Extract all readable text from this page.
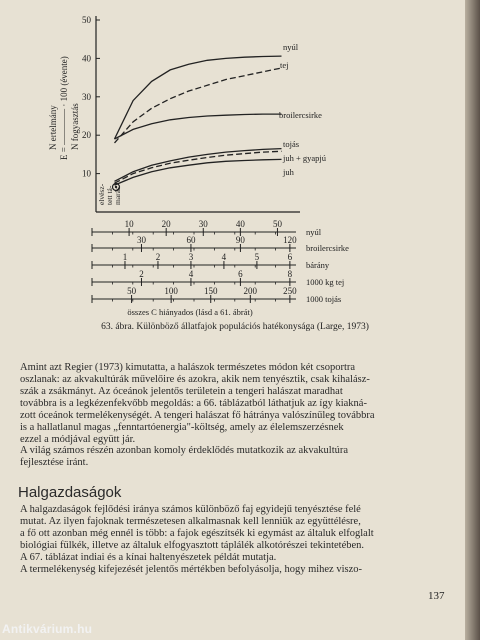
10
20
30
40
50
nyúl
tej
broilercsirke
tojás
juh + gyapjú
juh
10	20	30	40	50
nyúl
30	60	90	120
broilercsirke
1	2	3	4	5	6
bárány
2	4	6	8
1000 kg tej
50	100	150	200	250
1000 tojás
N ertelmányE = ———— · 100 (évente)N fogyasztás
elvész-tett tá-marás
összes C hiányados (lásd a 61. ábrát)
63. ábra. Különböző állatfajok populációs hatékonysága (Large, 1973)
Amint azt Regier (1973) kimutatta, a halászok természetes módon két csoportra
oszlanak: az akvakultúrák művelőire és azokra, akik nem tenyésztik, csak kihalász-
szák a zsákmányt. Az óceánok jelentős területein a tengeri halászat maradhat
továbbra is a legkézenfekvőbb megoldás: a 66. táblázatból láthatjuk az így kiakná-
zott óceánok termelékenységét. A tengeri halászat fő hátránya valószínűleg továbbra
is a hallatlanul magas „fenntartóenergia"-költség, amely az élelemszerzésnek
ezzel a módjával együtt jár.
A világ számos részén azonban komoly érdeklődés mutatkozik az akvakultúra
fejlesztése iránt.
Halgazdaságok
A halgazdaságok fejlődési iránya számos különböző faj egyidejű tenyésztése felé
mutat. Az ilyen fajoknak természetesen alkalmasnak kell lenniük az együttélésre,
a fő ott azonban még ennél is több: a fajok egészítsék ki egymást az általuk elfoglalt
biológiai fülkék, illetve az általuk elfogyasztott táplálék alkotórészei tekintetében.
A 67. táblázat indiai és a kínai haltenyészetek példát mutatja.
A termelékenység kifejezését jelentős mértékben befolyásolja, hogy mihez viszo-
137
Antikvárium.hu
